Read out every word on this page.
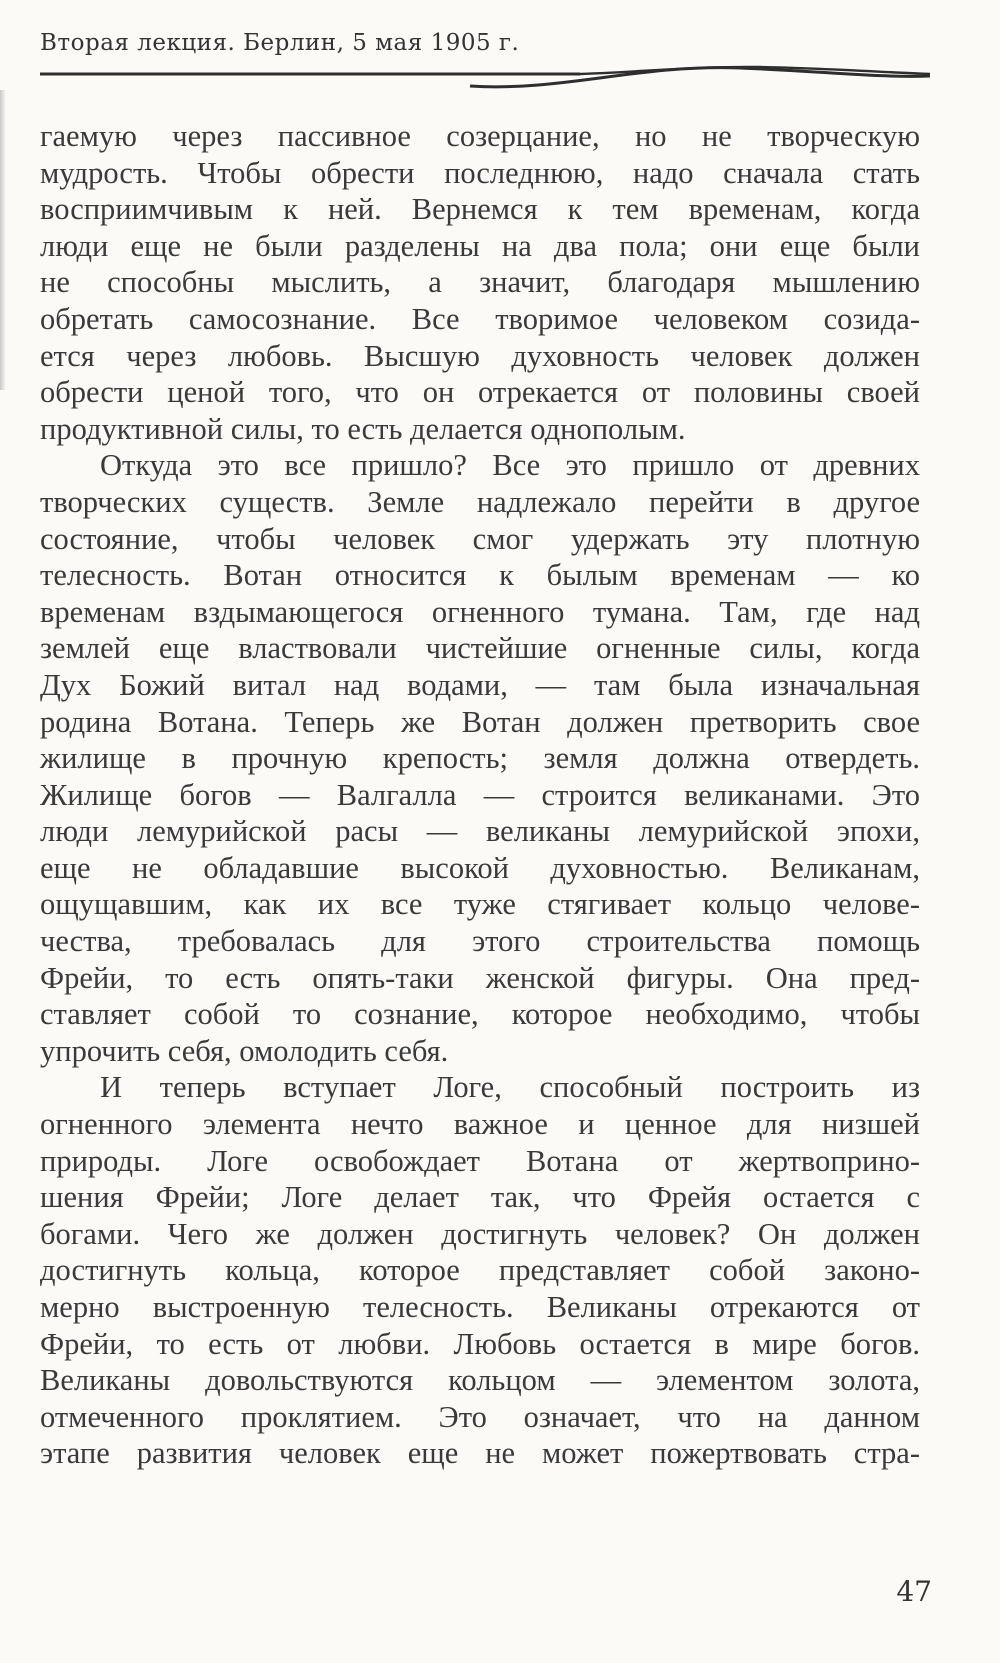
Вторая лекция. Берлин, 5 мая 1905 г.
гаемую через пассивное созерцание, но не творческую
мудрость. Чтобы обрести последнюю, надо сначала стать
восприимчивым к ней. Вернемся к тем временам, когда
люди еще не были разделены на два пола; они еще были
не способны мыслить, а значит, благодаря мышлению
обретать самосознание. Все творимое человеком созида-
ется через любовь. Высшую духовность человек должен
обрести ценой того, что он отрекается от половины своей
продуктивной силы, то есть делается однополым.
Откуда это все пришло? Все это пришло от древних
творческих существ. Земле надлежало перейти в другое
состояние, чтобы человек смог удержать эту плотную
телесность. Вотан относится к былым временам — ко
временам вздымающегося огненного тумана. Там, где над
землей еще властвовали чистейшие огненные силы, когда
Дух Божий витал над водами, — там была изначальная
родина Вотана. Теперь же Вотан должен претворить свое
жилище в прочную крепость; земля должна отвердеть.
Жилище богов — Валгалла — строится великанами. Это
люди лемурийской расы — великаны лемурийской эпохи,
еще не обладавшие высокой духовностью. Великанам,
ощущавшим, как их все туже стягивает кольцо челове-
чества, требовалась для этого строительства помощь
Фрейи, то есть опять-таки женской фигуры. Она пред-
ставляет собой то сознание, которое необходимо, чтобы
упрочить себя, омолодить себя.
И теперь вступает Логе, способный построить из
огненного элемента нечто важное и ценное для низшей
природы. Логе освобождает Вотана от жертвоприно-
шения Фрейи; Логе делает так, что Фрейя остается с
богами. Чего же должен достигнуть человек? Он должен
достигнуть кольца, которое представляет собой законо-
мерно выстроенную телесность. Великаны отрекаются от
Фрейи, то есть от любви. Любовь остается в мире богов.
Великаны довольствуются кольцом — элементом золота,
отмеченного проклятием. Это означает, что на данном
этапе развития человек еще не может пожертвовать стра-
47
